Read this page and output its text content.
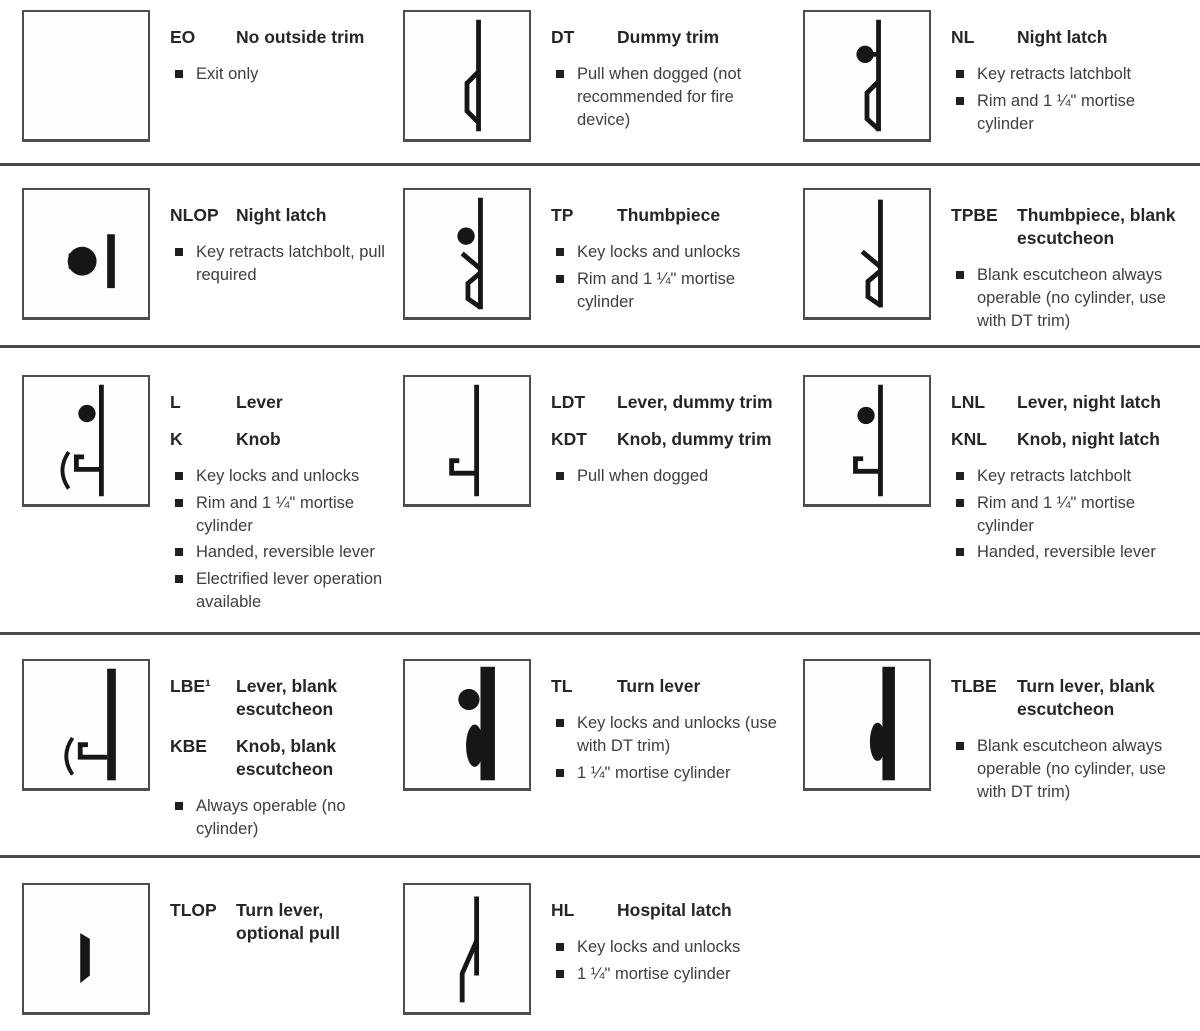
EO	No outside trim
Exit only
DT	Dummy trim
Pull when dogged (not recommended for fire device)
NL	Night latch
Key retracts latchbolt
Rim and 1 ¼" mortise cylinder
NLOP Night latch
Key retracts latchbolt, pull required
TP	Thumbpiece
Key locks and unlocks
Rim and 1 ¼" mortise cylinder
TPBE	Thumbpiece, blank escutcheon
Blank escutcheon always operable (no cylinder, use with DT trim)
L	Lever
K	Knob
Key locks and unlocks
Rim and 1 ¼" mortise cylinder
Handed, reversible lever
Electrified lever operation available
LDT	Lever, dummy trim
KDT	Knob, dummy trim
Pull when dogged
LNL	Lever, night latch
KNL	Knob, night latch
Key retracts latchbolt
Rim and 1 ¼" mortise cylinder
Handed, reversible lever
LBE¹	Lever, blank escutcheon
KBE	Knob, blank escutcheon
Always operable (no cylinder)
TL	Turn lever
Key locks and unlocks (use with DT trim)
1 ¼" mortise cylinder
TLBE	Turn lever, blank escutcheon
Blank escutcheon always operable (no cylinder, use with DT trim)
TLOP	Turn lever, optional pull
HL	Hospital latch
Key locks and unlocks
1 ¼" mortise cylinder
